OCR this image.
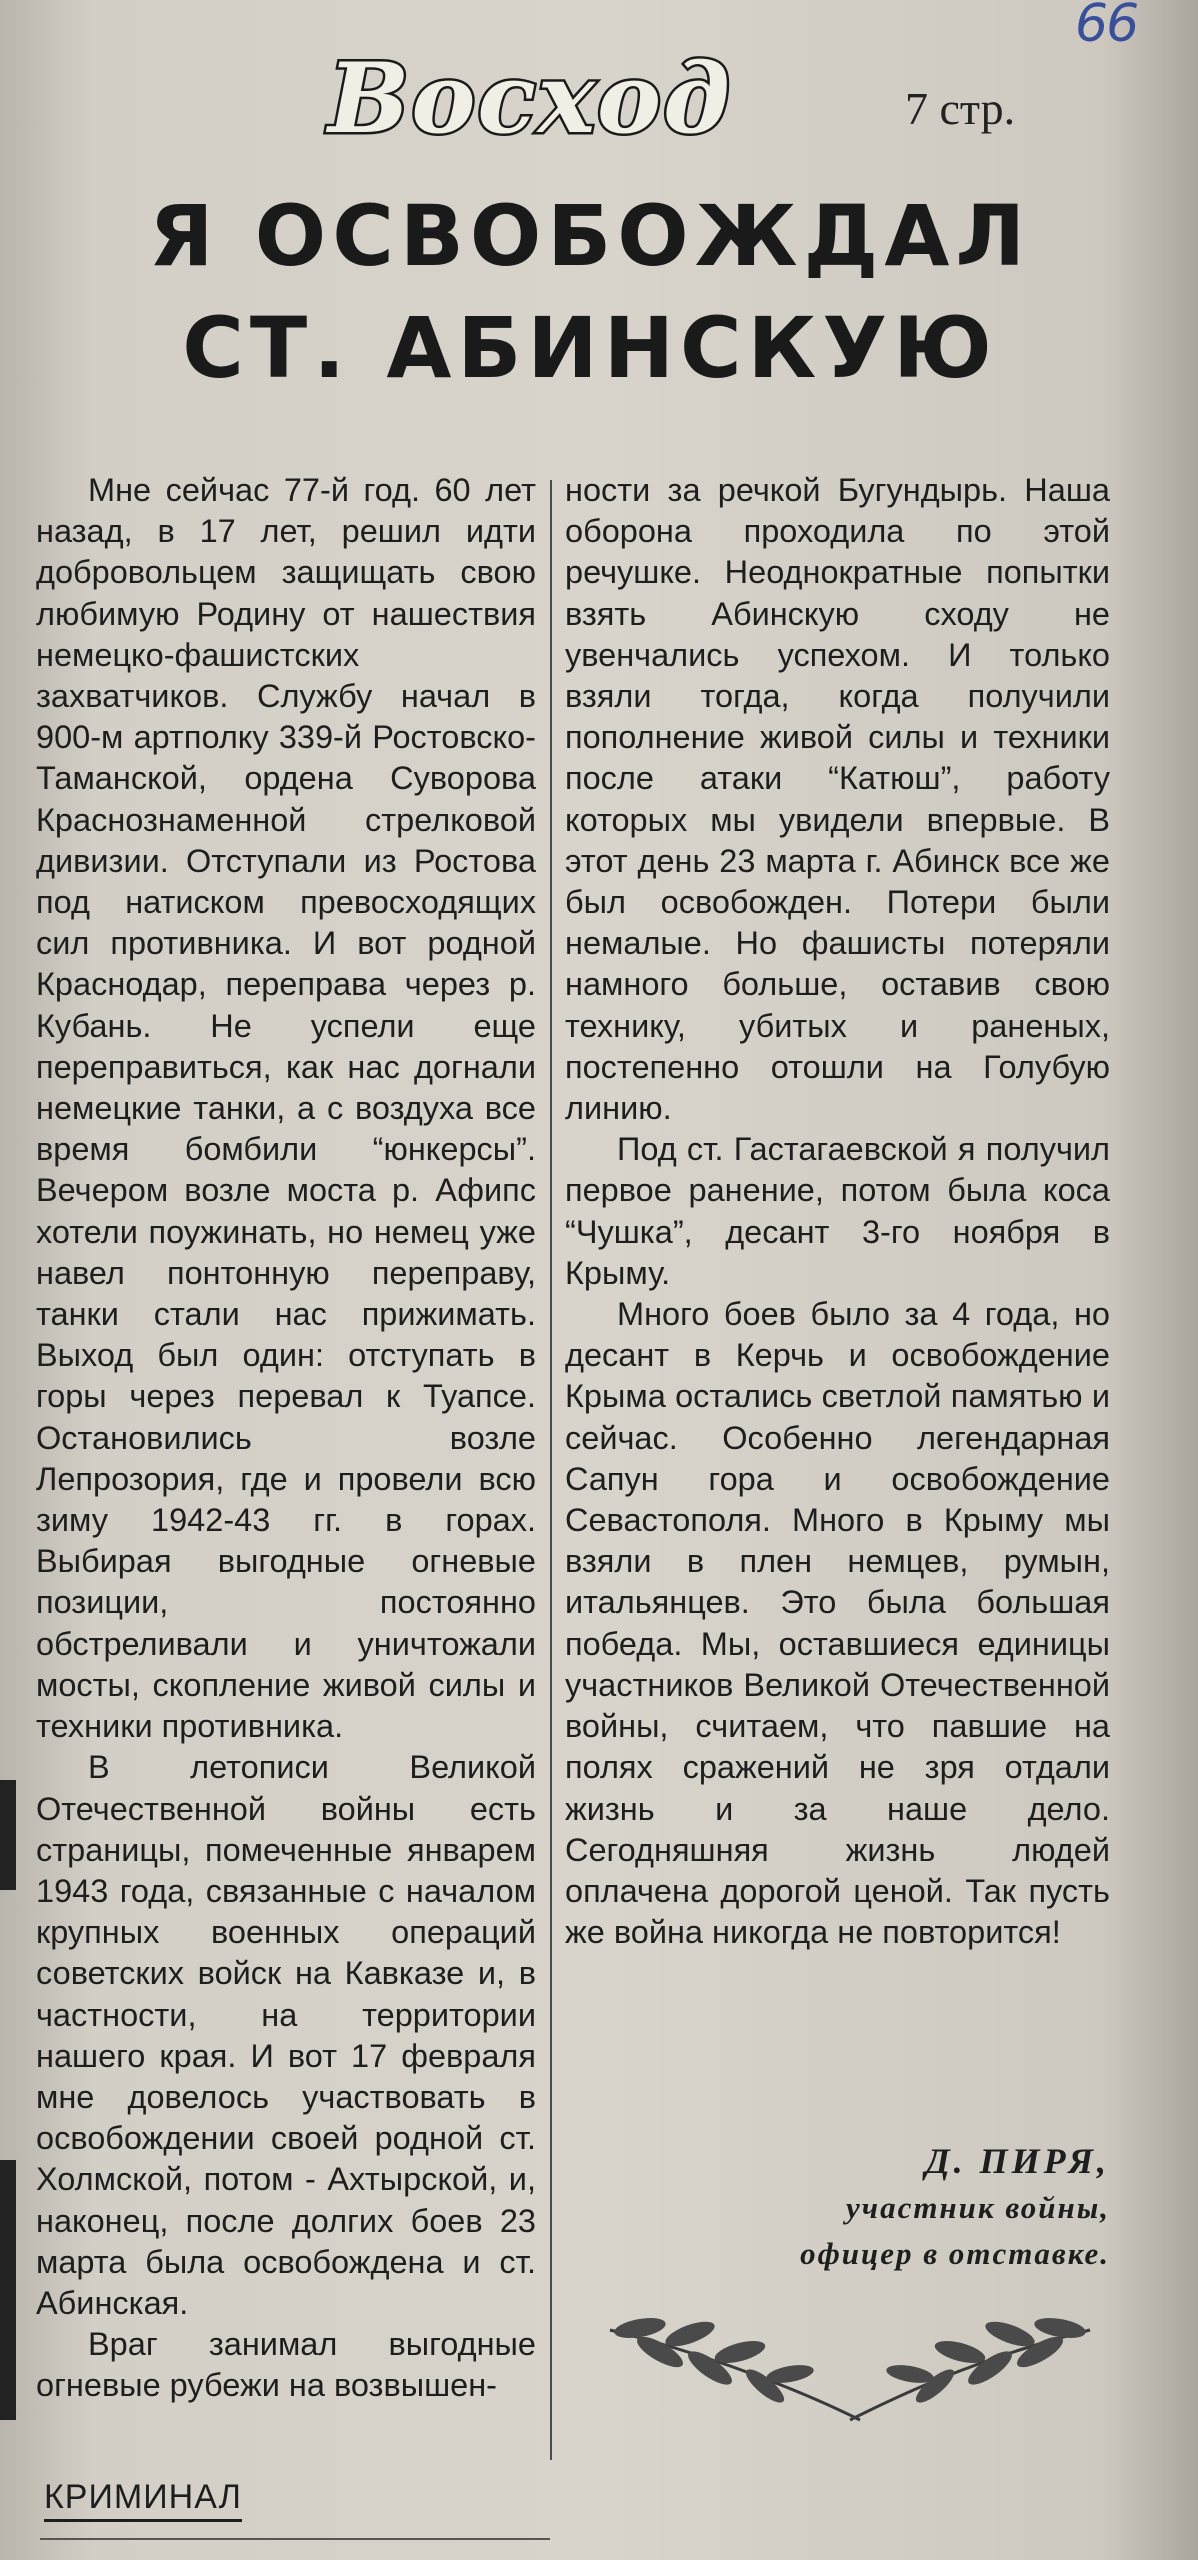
66
Восход	7 стр.
Я ОСВОБОЖДАЛ
СТ. АБИНСКУЮ

Мне сейчас 77-й год. 60 лет назад, в 17 лет, решил идти добровольцем защищать свою любимую Родину от нашествия немецко-фашистских захватчиков. Службу начал в 900-м артполку 339-й Ростовско-Таманской, ордена Суворова Краснознаменной стрелковой дивизии. Отступали из Ростова под натиском превосходящих сил противника. И вот родной Краснодар, переправа через р. Кубань. Не успели еще переправиться, как нас догнали немецкие танки, а с воздуха все время бомбили “юнкерсы”. Вечером возле моста р. Афипс хотели поужинать, но немец уже навел понтонную переправу, танки стали нас прижимать. Выход был один: отступать в горы через перевал к Туапсе. Остановились возле Лепрозория, где и провели всю зиму 1942-43 гг. в горах. Выбирая выгодные огневые позиции, постоянно обстреливали и уничтожали мосты, скопление живой силы и техники противника.

В летописи Великой Отечественной войны есть страницы, помеченные январем 1943 года, связанные с началом крупных военных операций советских войск на Кавказе и, в частности, на территории нашего края. И вот 17 февраля мне довелось участвовать в освобождении своей родной ст. Холмской, потом - Ахтырской, и, наконец, после долгих боев 23 марта была освобождена и ст. Абинская.

Враг занимал выгодные огневые рубежи на возвышен-

ности за речкой Бугундырь. Наша оборона проходила по этой речушке. Неоднократные попытки взять Абинскую сходу не увенчались успехом. И только взяли тогда, когда получили пополнение живой силы и техники после атаки “Катюш”, работу которых мы увидели впервые. В этот день 23 марта г. Абинск все же был освобожден. Потери были немалые. Но фашисты потеряли намного больше, оставив свою технику, убитых и раненых, постепенно отошли на Голубую линию.

Под ст. Гастагаевской я получил первое ранение, потом была коса “Чушка”, десант 3-го ноября в Крыму.

Много боев было за 4 года, но десант в Керчь и освобождение Крыма остались светлой памятью и сейчас. Особенно легендарная Сапун гора и освобождение Севастополя. Много в Крыму мы взяли в плен немцев, румын, итальянцев. Это была большая победа. Мы, оставшиеся единицы участников Великой Отечественной войны, считаем, что павшие на полях сражений не зря отдали жизнь и за наше дело. Сегодняшняя жизнь людей оплачена дорогой ценой. Так пусть же война никогда не повторится!

Д. ПИРЯ,
участник войны,
офицер в отставке.
КРИМИНАЛ
